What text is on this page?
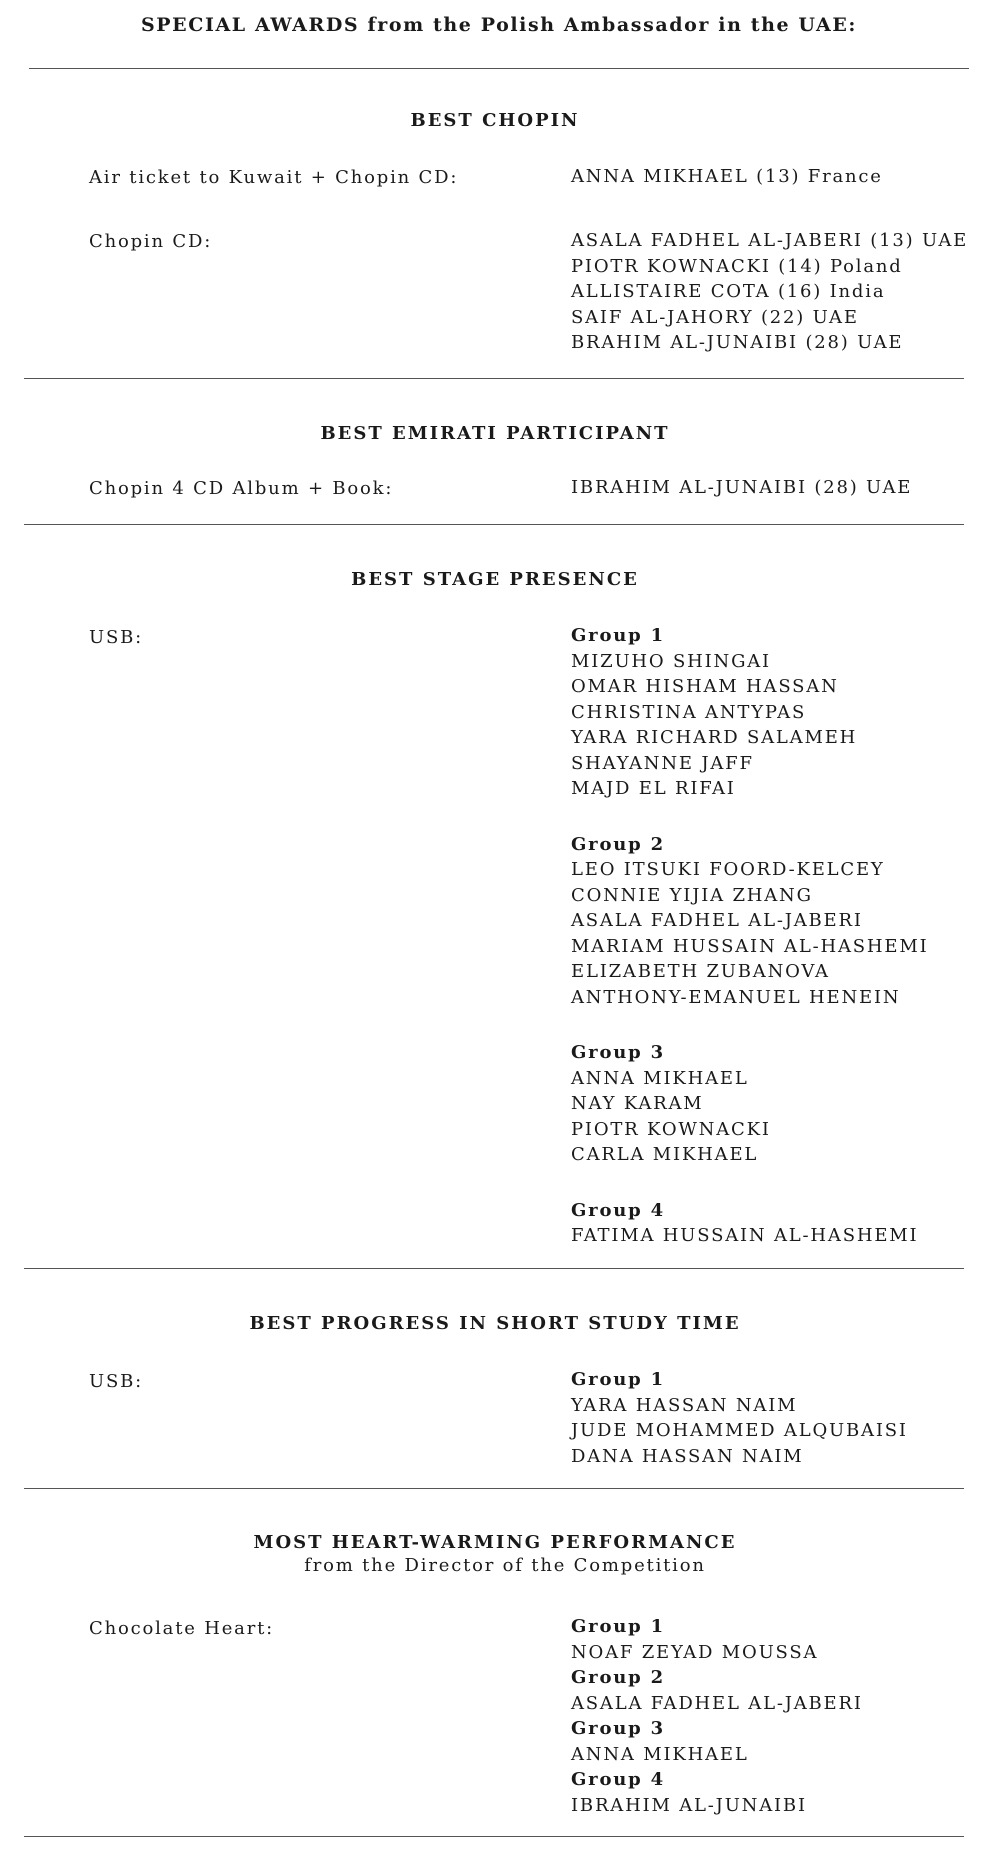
SPECIAL AWARDS from the Polish Ambassador in the UAE:
BEST CHOPIN
Air ticket to Kuwait + Chopin CD:	ANNA MIKHAEL (13) France
Chopin CD:	ASALA FADHEL AL-JABERI (13) UAE
PIOTR KOWNACKI (14) Poland
ALLISTAIRE COTA (16) India
SAIF AL-JAHORY (22) UAE
BRAHIM AL-JUNAIBI (28) UAE
BEST EMIRATI PARTICIPANT
Chopin 4 CD Album + Book:	IBRAHIM AL-JUNAIBI (28) UAE
BEST STAGE PRESENCE
USB:	Group 1
MIZUHO SHINGAI
OMAR HISHAM HASSAN
CHRISTINA ANTYPAS
YARA RICHARD SALAMEH
SHAYANNE JAFF
MAJD EL RIFAI
Group 2
LEO ITSUKI FOORD-KELCEY
CONNIE YIJIA ZHANG
ASALA FADHEL AL-JABERI
MARIAM HUSSAIN AL-HASHEMI
ELIZABETH ZUBANOVA
ANTHONY-EMANUEL HENEIN
Group 3
ANNA MIKHAEL
NAY KARAM
PIOTR KOWNACKI
CARLA MIKHAEL
Group 4
FATIMA HUSSAIN AL-HASHEMI
BEST PROGRESS IN SHORT STUDY TIME
USB:	Group 1
YARA HASSAN NAIM
JUDE MOHAMMED ALQUBAISI
DANA HASSAN NAIM
MOST HEART-WARMING PERFORMANCE
from the Director of the Competition
Chocolate Heart:	Group 1
NOAF ZEYAD MOUSSA
Group 2
ASALA FADHEL AL-JABERI
Group 3
ANNA MIKHAEL
Group 4
IBRAHIM AL-JUNAIBI
